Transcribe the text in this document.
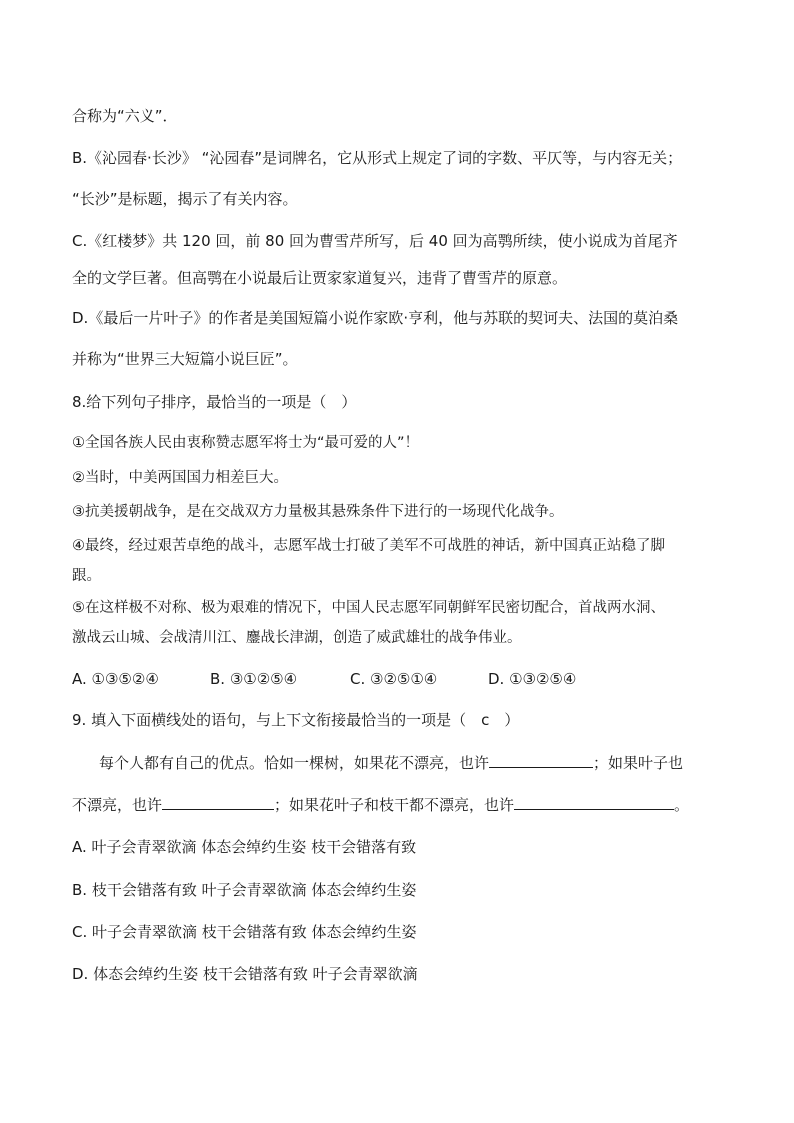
合称为“六义”．
B.《沁园春·长沙》 “沁园春”是词牌名，它从形式上规定了词的字数、平仄等，与内容无关；
“长沙”是标题，揭示了有关内容。
C.《红楼梦》共 120 回，前 80 回为曹雪芹所写，后 40 回为高鹗所续，使小说成为首尾齐
全的文学巨著。但高鹗在小说最后让贾家家道复兴，违背了曹雪芹的原意。
D.《最后一片叶子》的作者是美国短篇小说作家欧·亨利，他与苏联的契诃夫、法国的莫泊桑
并称为“世界三大短篇小说巨匠”。
8.给下列句子排序，最恰当的一项是（　）
①全国各族人民由衷称赞志愿军将士为“最可爱的人”！
②当时，中美两国国力相差巨大。
③抗美援朝战争，是在交战双方力量极其悬殊条件下进行的一场现代化战争。
④最终，经过艰苦卓绝的战斗，志愿军战士打破了美军不可战胜的神话，新中国真正站稳了脚
跟。
⑤在这样极不对称、极为艰难的情况下，中国人民志愿军同朝鲜军民密切配合，首战两水洞、
激战云山城、会战清川江、鏖战长津湖，创造了威武雄壮的战争伟业。
A. ①③⑤②④	B. ③①②⑤④	C. ③②⑤①④	D. ①③②⑤④
9. 填入下面横线处的语句，与上下文衔接最恰当的一项是（　c　）
每个人都有自己的优点。恰如一棵树，如果花不漂亮，也许	；如果叶子也
不漂亮，也许	；如果花叶子和枝干都不漂亮，也许	。
A. 叶子会青翠欲滴 体态会绰约生姿 枝干会错落有致
B. 枝干会错落有致 叶子会青翠欲滴 体态会绰约生姿
C. 叶子会青翠欲滴 枝干会错落有致 体态会绰约生姿
D. 体态会绰约生姿 枝干会错落有致 叶子会青翠欲滴
